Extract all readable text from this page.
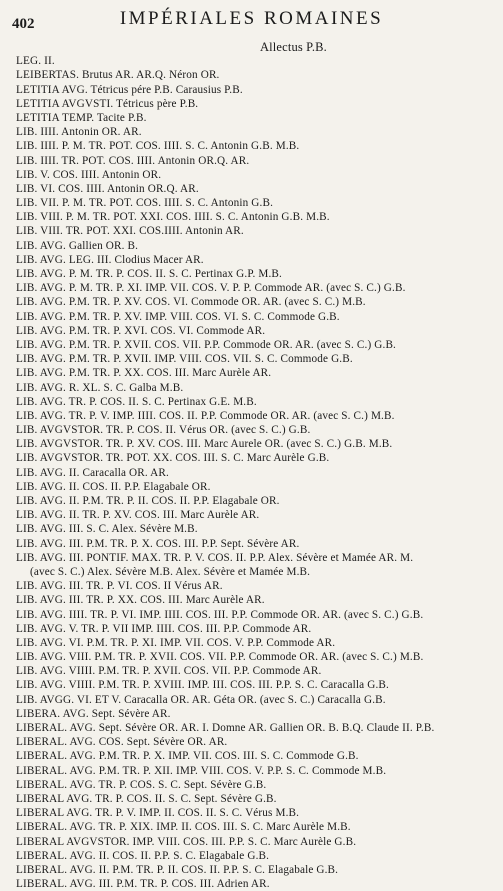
402	IMPÉRIALES ROMAINES
Allectus P.B.
LEG. II.
LEIBERTAS. Brutus AR. AR.Q. Néron OR.
LETITIA AVG. Tétricus pére P.B. Carausius P.B.
LETITIA AVGVSTI. Tétricus père P.B.
LETITIA TEMP. Tacite P.B.
LIB. IIII. Antonin OR. AR.
LIB. IIII. P. M. TR. POT. COS. IIII. S. C. Antonin G.B. M.B.
LIB. IIII. TR. POT. COS. IIII. Antonin OR.Q. AR.
LIB. V. COS. IIII. Antonin OR.
LIB. VI. COS. IIII. Antonin OR.Q. AR.
LIB. VII. P. M. TR. POT. COS. IIII. S. C. Antonin G.B.
LIB. VIII. P. M. TR. POT. XXI. COS. IIII. S. C. Antonin G.B. M.B.
LIB. VIII. TR. POT. XXI. COS.IIII. Antonin AR.
LIB. AVG. Gallien OR. B.
LIB. AVG. LEG. III. Clodius Macer AR.
LIB. AVG. P. M. TR. P. COS. II. S. C. Pertinax G.P. M.B.
LIB. AVG. P. M. TR. P. XI. IMP. VII. COS. V. P. P. Commode AR. (avec S. C.) G.B.
LIB. AVG. P.M. TR. P. XV. COS. VI. Commode OR. AR. (avec S. C.) M.B.
LIB. AVG. P.M. TR. P. XV. IMP. VIII. COS. VI. S. C. Commode G.B.
LIB. AVG. P.M. TR. P. XVI. COS. VI. Commode AR.
LIB. AVG. P.M. TR. P. XVII. COS. VII. P.P. Commode OR. AR. (avec S. C.) G.B.
LIB. AVG. P.M. TR. P. XVII. IMP. VIII. COS. VII. S. C. Commode G.B.
LIB. AVG. P.M. TR. P. XX. COS. III. Marc Aurèle AR.
LIB. AVG. R. XL. S. C. Galba M.B.
LIB. AVG. TR. P. COS. II. S. C. Pertinax G.E. M.B.
LIB. AVG. TR. P. V. IMP. IIII. COS. II. P.P. Commode OR. AR. (avec S. C.) M.B.
LIB. AVGVSTOR. TR. P. COS. II. Vérus OR. (avec S. C.) G.B.
LIB. AVGVSTOR. TR. P. XV. COS. III. Marc Aurele OR. (avec S. C.) G.B. M.B.
LIB. AVGVSTOR. TR. POT. XX. COS. III. S. C. Marc Aurèle G.B.
LIB. AVG. II. Caracalla OR. AR.
LIB. AVG. II. COS. II. P.P. Elagabale OR.
LIB. AVG. II. P.M. TR. P. II. COS. II. P.P. Elagabale OR.
LIB. AVG. II. TR. P. XV. COS. III. Marc Aurèle AR.
LIB. AVG. III. S. C. Alex. Sévère M.B.
LIB. AVG. III. P.M. TR. P. X. COS. III. P.P. Sept. Sévère AR.
LIB. AVG. III. PONTIF. MAX. TR. P. V. COS. II. P.P. Alex. Sévère et Mamée AR. M.
(avec S. C.) Alex. Sévère M.B. Alex. Sévère et Mamée M.B.
LIB. AVG. III. TR. P. VI. COS. II Vérus AR.
LIB. AVG. III. TR. P. XX. COS. III. Marc Aurèle AR.
LIB. AVG. IIII. TR. P. VI. IMP. IIII. COS. III. P.P. Commode OR. AR. (avec S. C.) G.B.
LIB. AVG. V. TR. P. VII IMP. IIII. COS. III. P.P. Commode AR.
LIB. AVG. VI. P.M. TR. P. XI. IMP. VII. COS. V. P.P. Commode AR.
LIB. AVG. VIII. P.M. TR. P. XVII. COS. VII. P.P. Commode OR. AR. (avec S. C.) M.B.
LIB. AVG. VIIII. P.M. TR. P. XVII. COS. VII. P.P. Commode AR.
LIB. AVG. VIIII. P.M. TR. P. XVIII. IMP. III. COS. III. P.P. S. C. Caracalla G.B.
LIB. AVGG. VI. ET V. Caracalla OR. AR. Géta OR. (avec S. C.) Caracalla G.B.
LIBERA. AVG. Sept. Sévère AR.
LIBERAL. AVG. Sept. Sévère OR. AR. I. Domne AR. Gallien OR. B. B.Q. Claude II. P.B.
LIBERAL. AVG. COS. Sept. Sévère OR. AR.
LIBERAL. AVG. P.M. TR. P. X. IMP. VII. COS. III. S. C. Commode G.B.
LIBERAL. AVG. P.M. TR. P. XII. IMP. VIII. COS. V. P.P. S. C. Commode M.B.
LIBERAL. AVG. TR. P. COS. S. C. Sept. Sévère G.B.
LIBERAL AVG. TR. P. COS. II. S. C. Sept. Sévère G.B.
LIBERAL AVG. TR. P. V. IMP. II. COS. II. S. C. Vérus M.B.
LIBERAL. AVG. TR. P. XIX. IMP. II. COS. III. S. C. Marc Aurèle M.B.
LIBERAL AVGVSTOR. IMP. VIII. COS. III. P.P. S. C. Marc Aurèle G.B.
LIBERAL. AVG. II. COS. II. P.P. S. C. Elagabale G.B.
LIBERAL. AVG. II. P.M. TR. P. II. COS. II. P.P. S. C. Elagabale G.B.
LIBERAL. AVG. III. P.M. TR. P. COS. III. Adrien AR.
